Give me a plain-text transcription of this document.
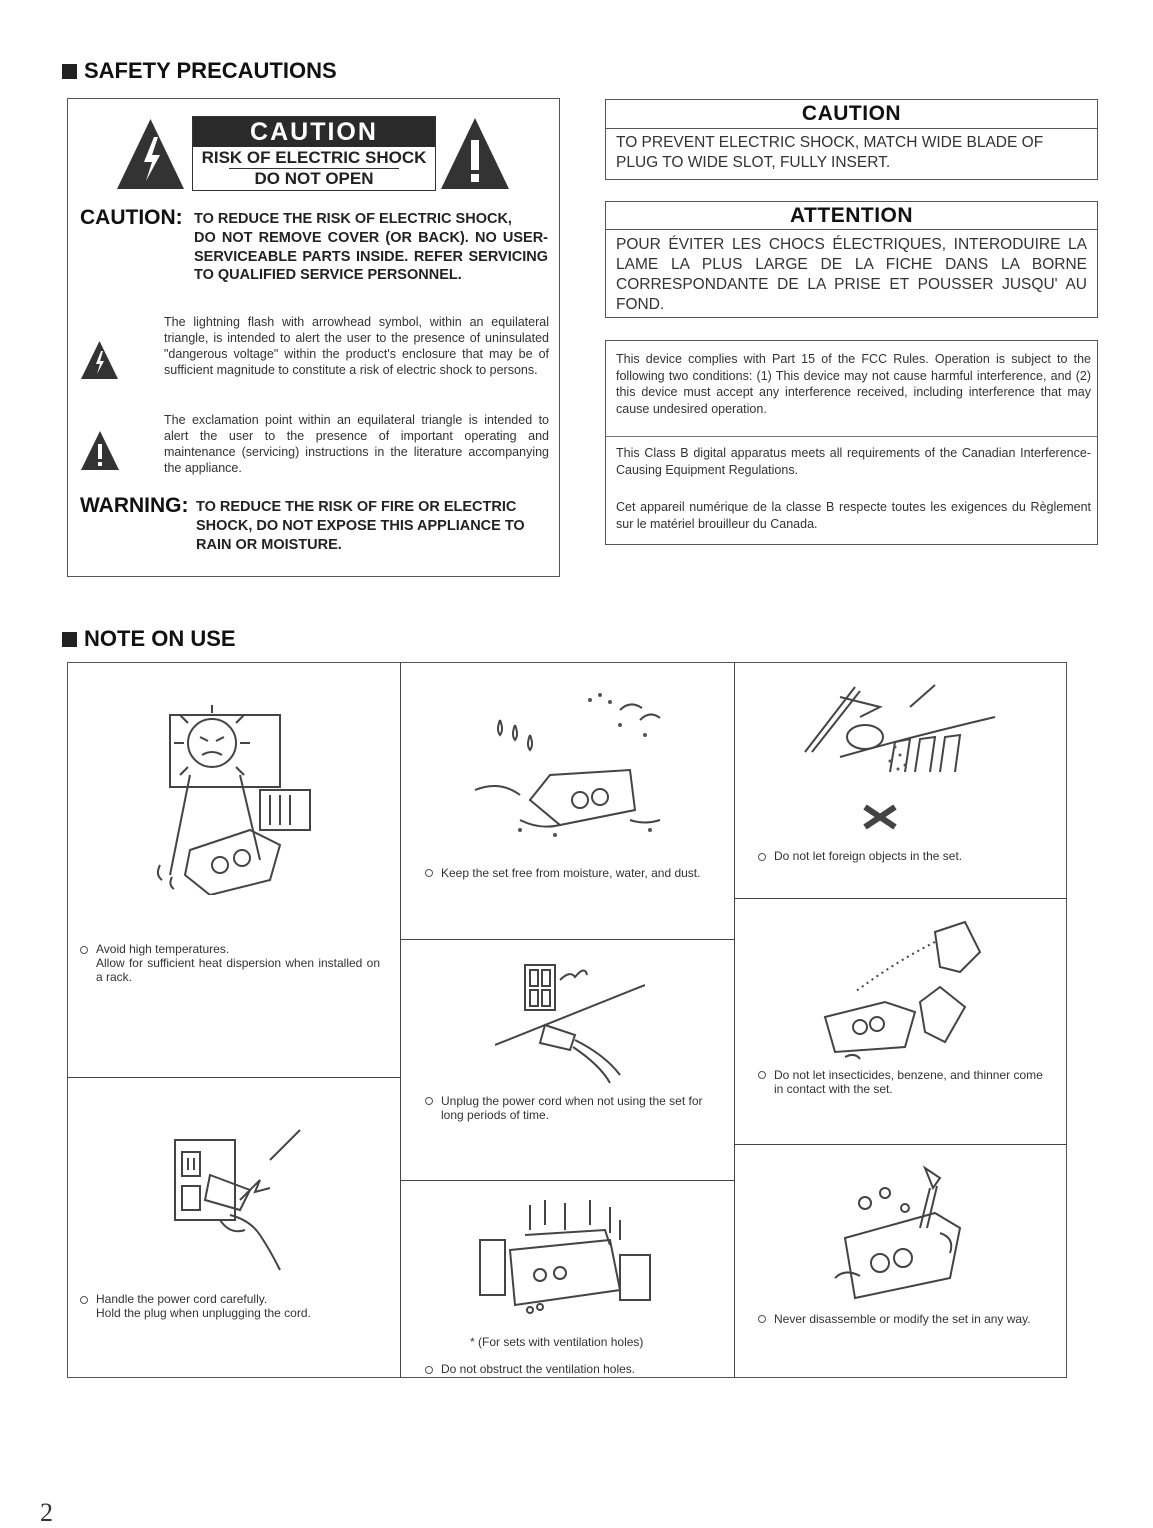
SAFETY PRECAUTIONS
CAUTION
RISK OF ELECTRIC SHOCK
DO NOT OPEN
CAUTION: TO REDUCE THE RISK OF ELECTRIC SHOCK,
DO NOT REMOVE COVER (OR BACK). NO USER-SERVICEABLE PARTS INSIDE. REFER SERVICING TO QUALIFIED SERVICE PERSONNEL.
The lightning flash with arrowhead symbol, within an equilateral triangle, is intended to alert the user to the presence of uninsulated "dangerous voltage" within the product's enclosure that may be of sufficient magnitude to constitute a risk of electric shock to persons.
The exclamation point within an equilateral triangle is intended to alert the user to the presence of important operating and maintenance (servicing) instructions in the literature accompanying the appliance.
WARNING: TO REDUCE THE RISK OF FIRE OR ELECTRIC
SHOCK, DO NOT EXPOSE THIS APPLIANCE TO RAIN OR MOISTURE.
CAUTION
TO PREVENT ELECTRIC SHOCK, MATCH WIDE BLADE OF PLUG TO WIDE SLOT, FULLY INSERT.
ATTENTION
POUR ÉVITER LES CHOCS ÉLECTRIQUES, INTERODUIRE LA LAME LA PLUS LARGE DE LA FICHE DANS LA BORNE CORRESPONDANTE DE LA PRISE ET POUSSER JUSQU' AU FOND.
This device complies with Part 15 of the FCC Rules. Operation is subject to the following two conditions: (1) This device may not cause harmful interference, and (2) this device must accept any interference received, including interference that may cause undesired operation.
This Class B digital apparatus meets all requirements of the Canadian Interference-Causing Equipment Regulations.
Cet appareil numérique de la classe B respecte toutes les exigences du Règlement sur le matériel brouilleur du Canada.
NOTE ON USE
Avoid high temperatures.
Allow for sufficient heat dispersion when installed on a rack.
Handle the power cord carefully.
Hold the plug when unplugging the cord.
Keep the set free from moisture, water, and dust.
Unplug the power cord when not using the set for long periods of time.
* (For sets with ventilation holes)
Do not obstruct the ventilation holes.
Do not let foreign objects in the set.
Do not let insecticides, benzene, and thinner come in contact with the set.
Never disassemble or modify the set in any way.
2
